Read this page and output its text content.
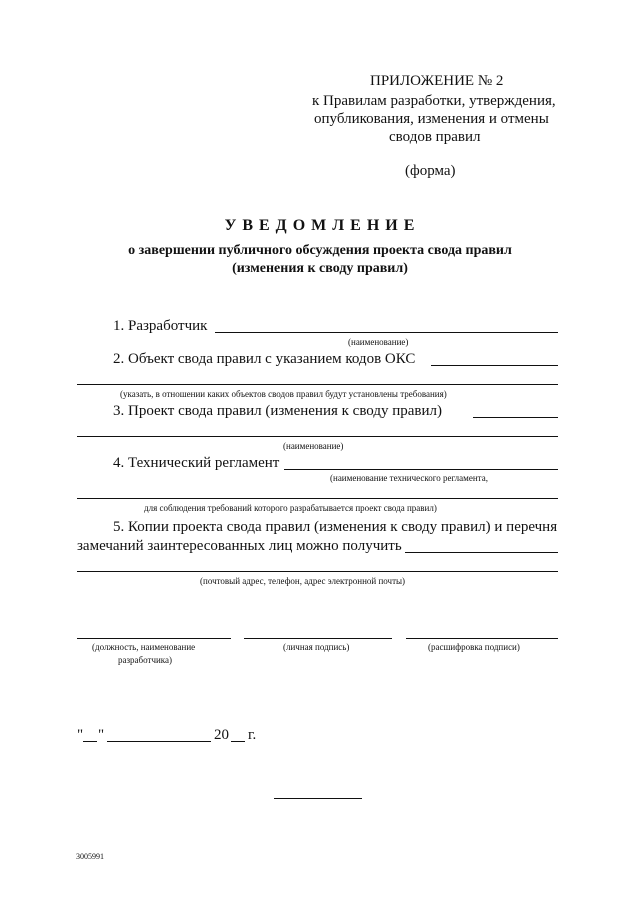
ПРИЛОЖЕНИЕ № 2
к Правилам разработки, утверждения,
опубликования, изменения и отмены
сводов правил
(форма)
У В Е Д О М Л Е Н И Е
о завершении публичного обсуждения проекта свода правил
(изменения к своду правил)
1. Разработчик
(наименование)
2. Объект свода правил с указанием кодов ОКС
(указать, в отношении каких объектов сводов правил будут установлены требования)
3. Проект свода правил (изменения к своду правил)
(наименование)
4. Технический регламент
(наименование технического регламента,
для соблюдения требований которого разрабатывается проект свода правил)
5. Копии проекта свода правил (изменения к своду правил) и перечня
замечаний заинтересованных лиц можно получить
(почтовый адрес, телефон, адрес электронной почты)
(должность, наименование
разработчика)
(личная подпись)	(расшифровка подписи)
" "	20 г.
3005991
